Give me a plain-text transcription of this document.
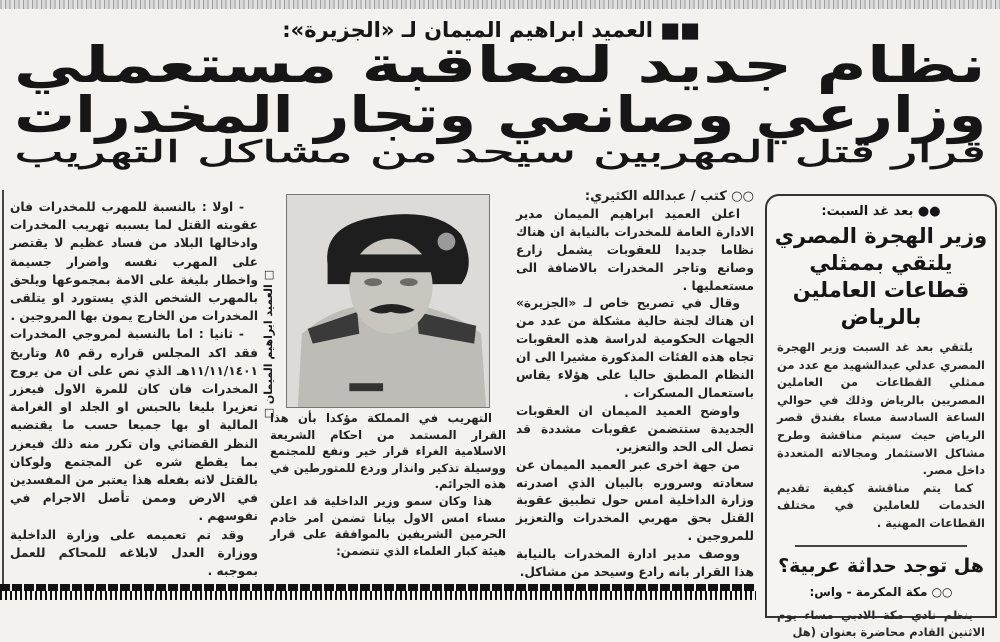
■■ العميد ابراهيم الميمان لـ «الجزيرة»:
نظام جديد لمعاقبة مستعملي
وزارعي وصانعي وتجار المخدرات
قرار قتل المهربين سيحد من مشاكل التهريب

- اولا : بالنسبة للمهرب للمخدرات فان عقوبته القتل لما يسببه تهريب المخدرات وادخالها البلاد من فساد عظيم لا يقتصر على المهرب نفسه واضرار جسيمة واخطار بليغة على الامة بمجموعها ويلحق بالمهرب الشخص الذي يستورد او يتلقى المخدرات من الخارج يمون بها المروجين .

- ثانيا : اما بالنسبة لمروجي المخدرات فقد اكد المجلس قراره رقم ٨٥ وتاريخ ١١/١١/١٤٠١هـ الذي نص على ان من يروج المخدرات فان كان للمرة الاول فيعزر تعزيرا بليغا بالحبس او الجلد او الغرامة المالية او بها جميعا حسب ما يقتضيه النظر القضائي وان تكرر منه ذلك فيعزر بما يقطع شره عن المجتمع ولوكان بالقتل لانه بفعله هذا يعتبر من المفسدين في الارض وممن تأصل الاجرام في نفوسهم .

وقد تم تعميمه على وزارة الداخلية ووزارة العدل لابلاغه للمحاكم للعمل بموجبه .

□ العميد ابراهيم الميمان □

التهريب في المملكة مؤكدا بأن هذا القرار المستمد من احكام الشريعة الاسلامية الغراء قرار خير ونفع للمجتمع ووسيلة تذكير وانذار وردع للمتورطين في هذه الجرائم.

هذا وكان سمو وزير الداخلية قد اعلن مساء امس الاول بيانا تضمن امر خادم الحرمين الشريفين بالموافقة على قرار هيئة كبار العلماء الذي تتضمن:

○○ كتب / عبدالله الكثيري:

اعلن العميد ابراهيم الميمان مدير الادارة العامة للمخدرات بالنيابة ان هناك نظاما جديدا للعقوبات يشمل زارع وصانع وتاجر المخدرات بالاضافة الى مستعمليها .

وقال في تصريح خاص لـ «الجزيرة» ان هناك لجنة حالية مشكلة من عدد من الجهات الحكومية لدراسة هذه العقوبات تجاه هذه الفئات المذكورة مشيرا الى ان النظام المطبق حاليا على هؤلاء يقاس باستعمال المسكرات .

واوضح العميد الميمان ان العقوبات الجديدة ستتضمن عقوبات مشددة قد تصل الى الحد والتعزير.

من جهة اخرى عبر العميد الميمان عن سعادته وسروره بالبيان الذي اصدرته وزارة الداخلية امس حول تطبيق عقوبة القتل بحق مهربي المخدرات والتعزيز للمروجين .

ووصف مدير ادارة المخدرات بالنيابة هذا القرار بانه رادع وسيحد من مشاكل.

●● بعد غد السبت:
وزير الهجرة المصري يلتقي بممثلي قطاعات العاملين بالرياض

يلتقي بعد غد السبت وزير الهجرة المصري عدلي عبدالشهيد مع عدد من ممثلي القطاعات من العاملين المصريين بالرياض وذلك في حوالي الساعة السادسة مساء بفندق قصر الرياض حيث سيتم مناقشة وطرح مشاكل الاستثمار ومجالاته المتعددة داخل مصر.

كما يتم مناقشة كيفية تقديم الخدمات للعاملين في مختلف القطاعات المهنية .

هل توجد حداثة عربية؟
○○ مكة المكرمة - واس:

ينظم نادي مكة الادبي مساء يوم الاثنين القادم محاضرة بعنوان (هل
